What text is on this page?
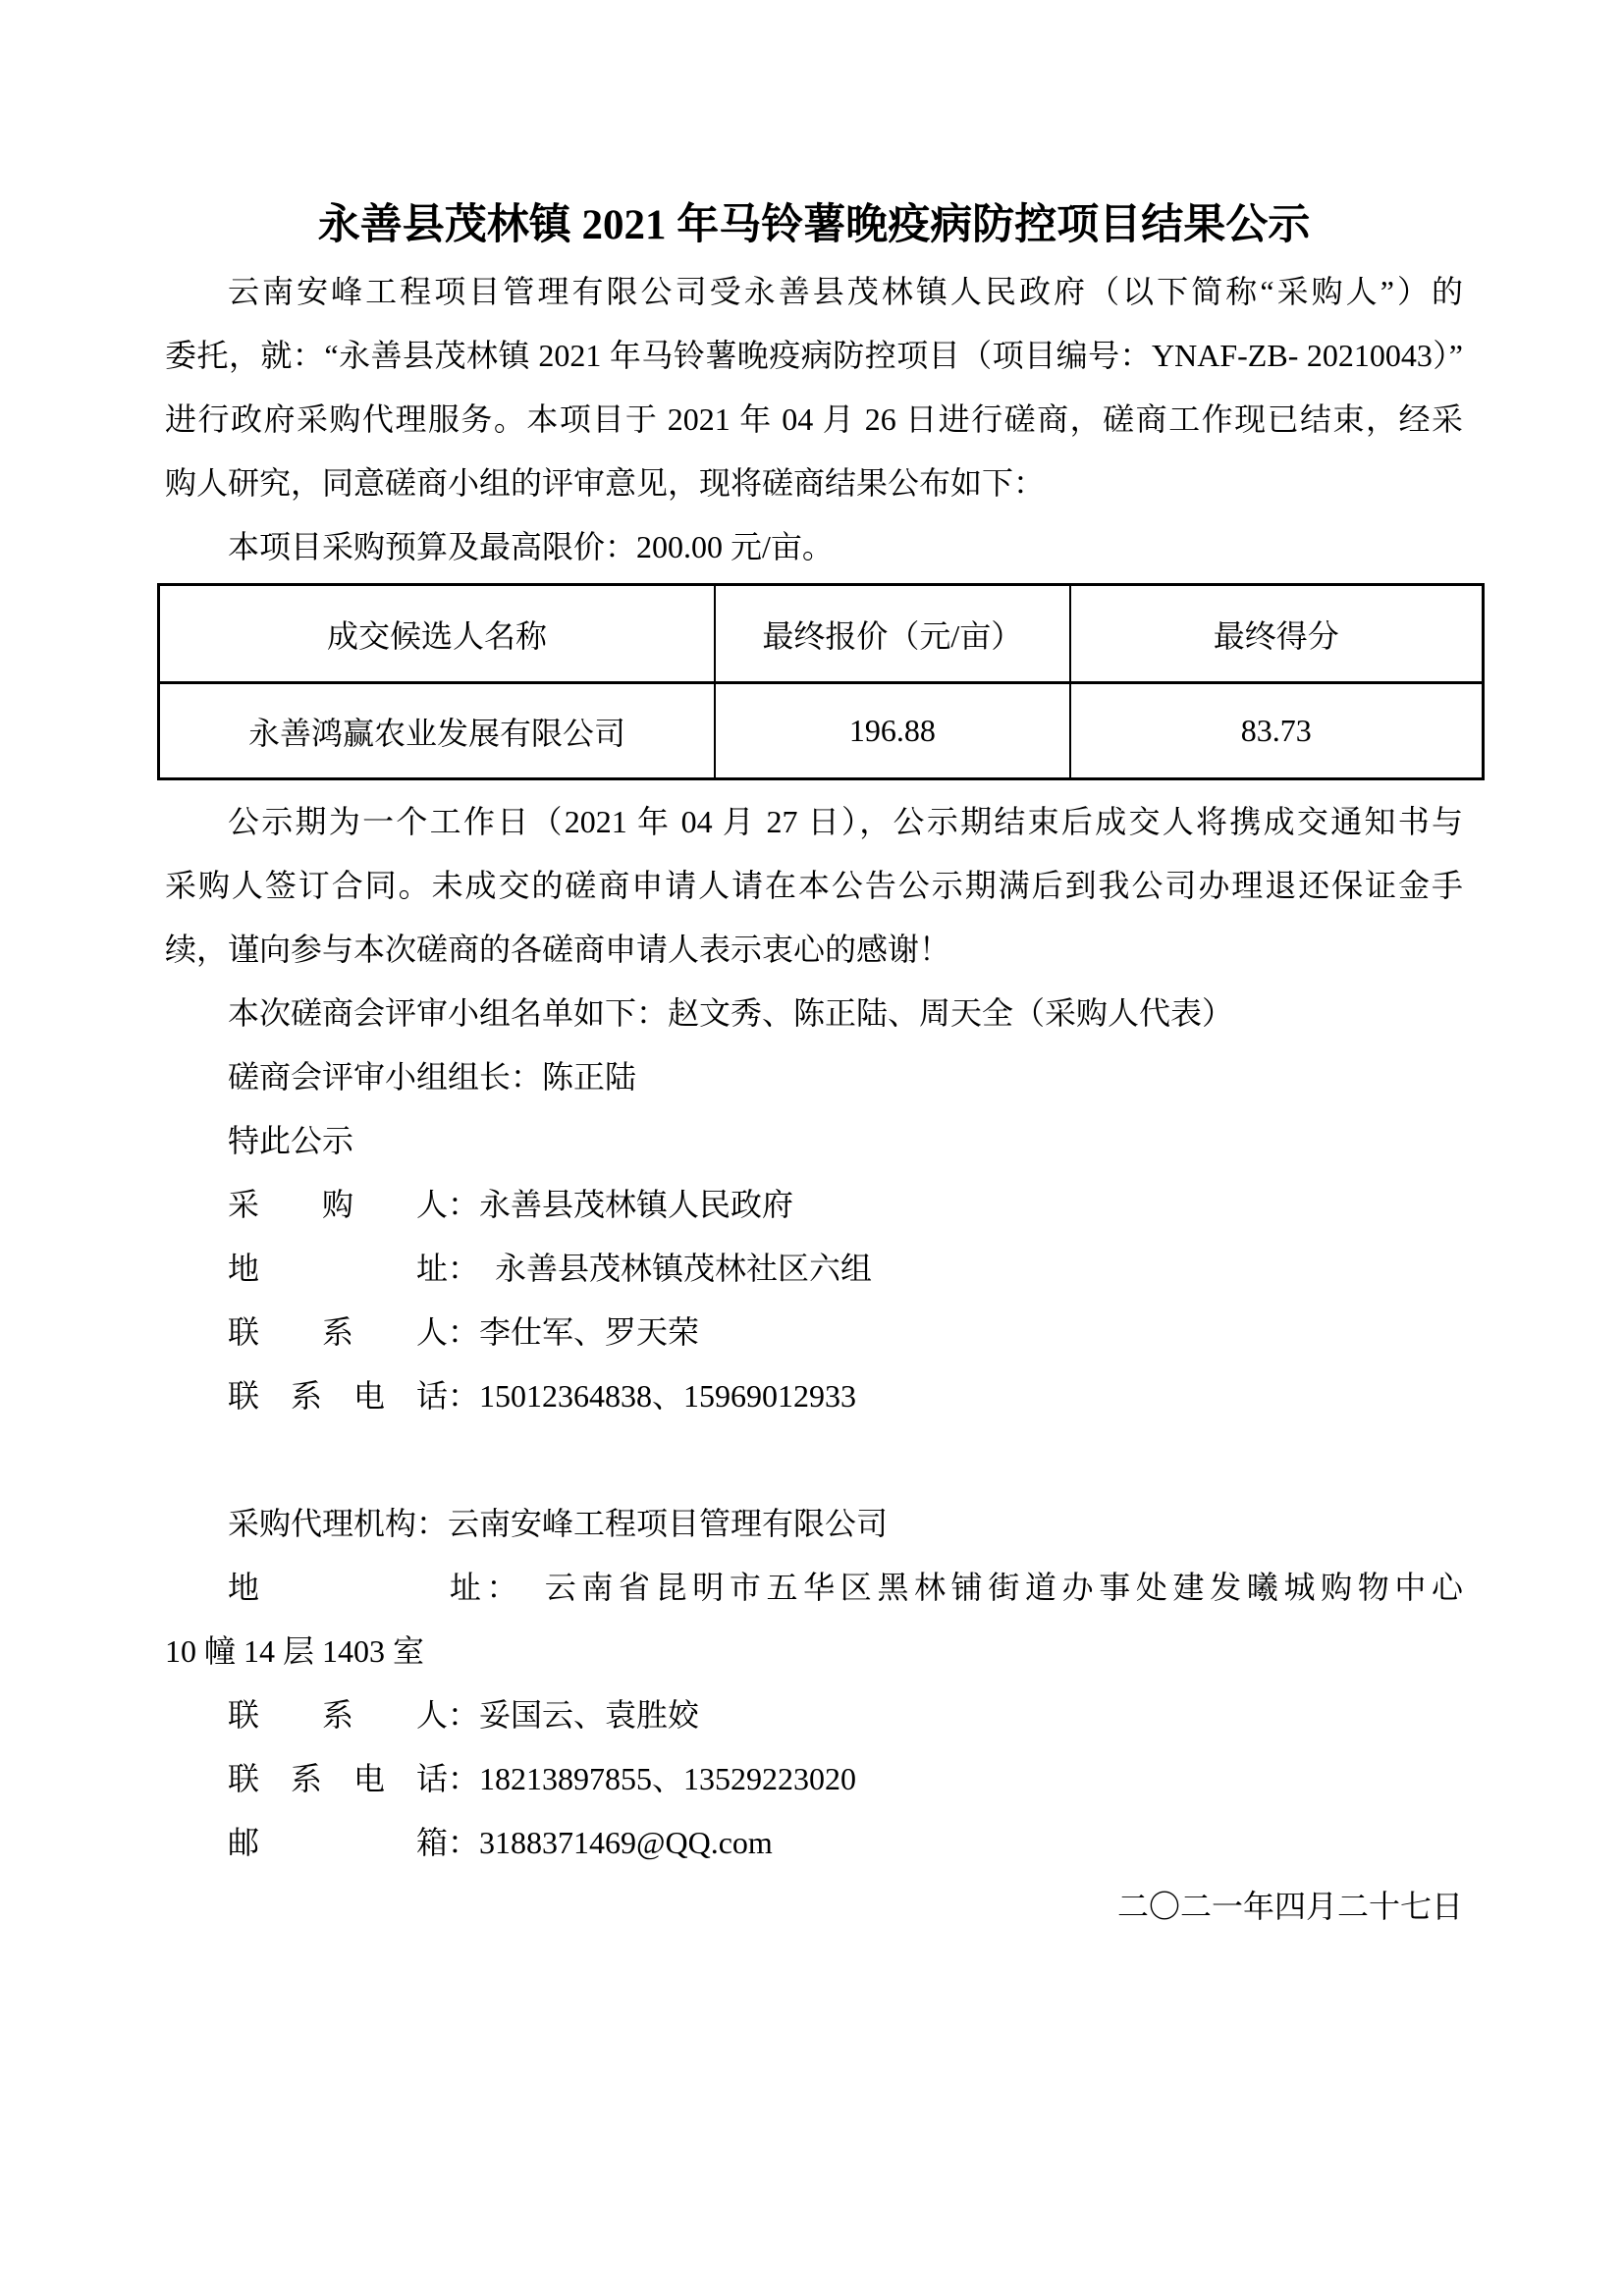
永善县茂林镇 2021 年马铃薯晚疫病防控项目结果公示

云南安峰工程项目管理有限公司受永善县茂林镇人民政府（以下简称“采购人”）的

委托，就：“永善县茂林镇 2021 年马铃薯晚疫病防控项目（项目编号：YNAF-ZB- 20210043）”

进行政府采购代理服务。本项目于 2021 年 04 月 26 日进行磋商，磋商工作现已结束，经采

购人研究，同意磋商小组的评审意见，现将磋商结果公布如下：

本项目采购预算及最高限价：200.00 元/亩。

成交候选人名称	最终报价（元/亩）	最终得分
永善鸿赢农业发展有限公司	196.88	83.73

公示期为一个工作日（2021 年 04 月 27 日），公示期结束后成交人将携成交通知书与

采购人签订合同。未成交的磋商申请人请在本公告公示期满后到我公司办理退还保证金手

续，谨向参与本次磋商的各磋商申请人表示衷心的感谢！

本次磋商会评审小组名单如下：赵文秀、陈正陆、周天全（采购人代表）

磋商会评审小组组长：陈正陆

特此公示

采　　购　　人：永善县茂林镇人民政府

地　　　　　址：　永善县茂林镇茂林社区六组

联　　系　　人：李仕军、罗天荣

联　系　电　话：15012364838、15969012933

采购代理机构：云南安峰工程项目管理有限公司

地　　　　　址：　云南省昆明市五华区黑林铺街道办事处建发曦城购物中心

10 幢 14 层 1403 室

联　　系　　人：妥国云、袁胜姣

联　系　电　话：18213897855、13529223020

邮　　　　　箱：3188371469@QQ.com

二〇二一年四月二十七日
